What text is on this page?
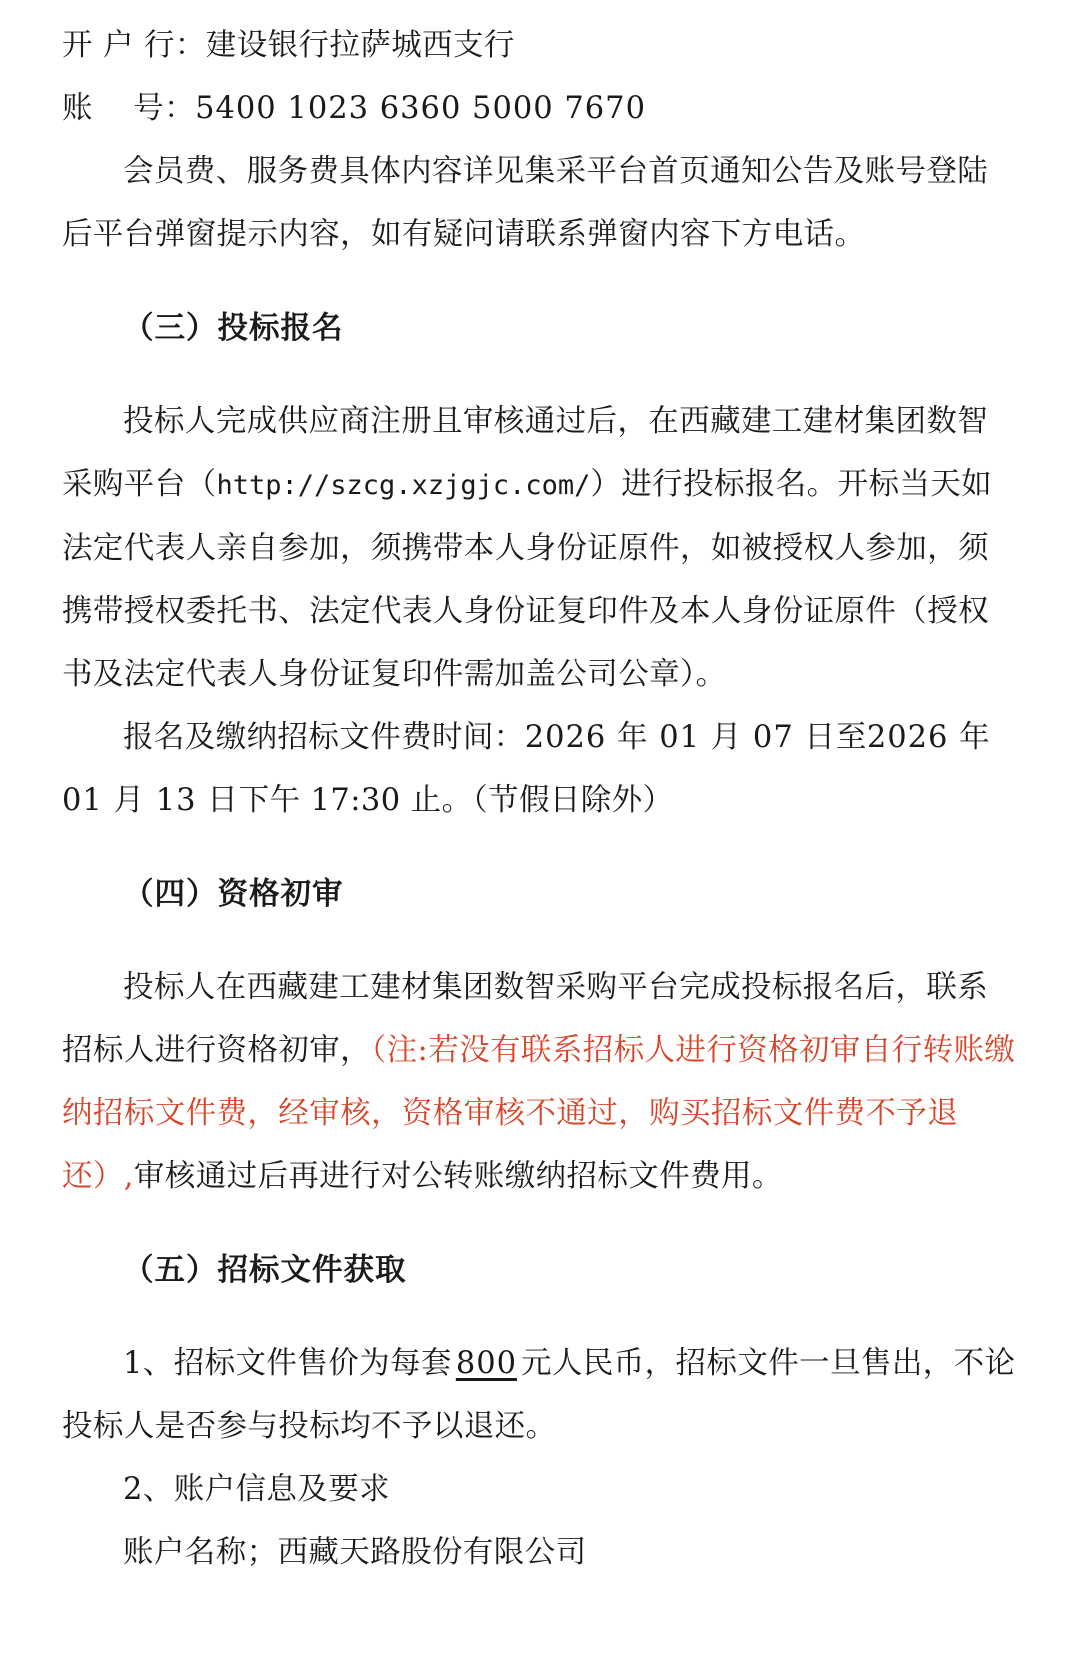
开 户 行：建设银行拉萨城西支行

账    号：5400 1023 6360 5000 7670

会员费、服务费具体内容详见集采平台首页通知公告及账号登陆后平台弹窗提示内容，如有疑问请联系弹窗内容下方电话。

（三）投标报名

投标人完成供应商注册且审核通过后，在西藏建工建材集团数智采购平台（http://szcg.xzjgjc.com/）进行投标报名。开标当天如法定代表人亲自参加，须携带本人身份证原件，如被授权人参加，须携带授权委托书、法定代表人身份证复印件及本人身份证原件（授权书及法定代表人身份证复印件需加盖公司公章）。

报名及缴纳招标文件费时间：2026 年 01 月 07 日至2026 年 01 月 13 日下午 17:30 止。（节假日除外）

（四）资格初审

投标人在西藏建工建材集团数智采购平台完成投标报名后，联系招标人进行资格初审，（注:若没有联系招标人进行资格初审自行转账缴纳招标文件费，经审核，资格审核不通过，购买招标文件费不予退还）,审核通过后再进行对公转账缴纳招标文件费用。

（五）招标文件获取

1、招标文件售价为每套 800 元人民币，招标文件一旦售出，不论投标人是否参与投标均不予以退还。

2、账户信息及要求

账户名称；西藏天路股份有限公司
